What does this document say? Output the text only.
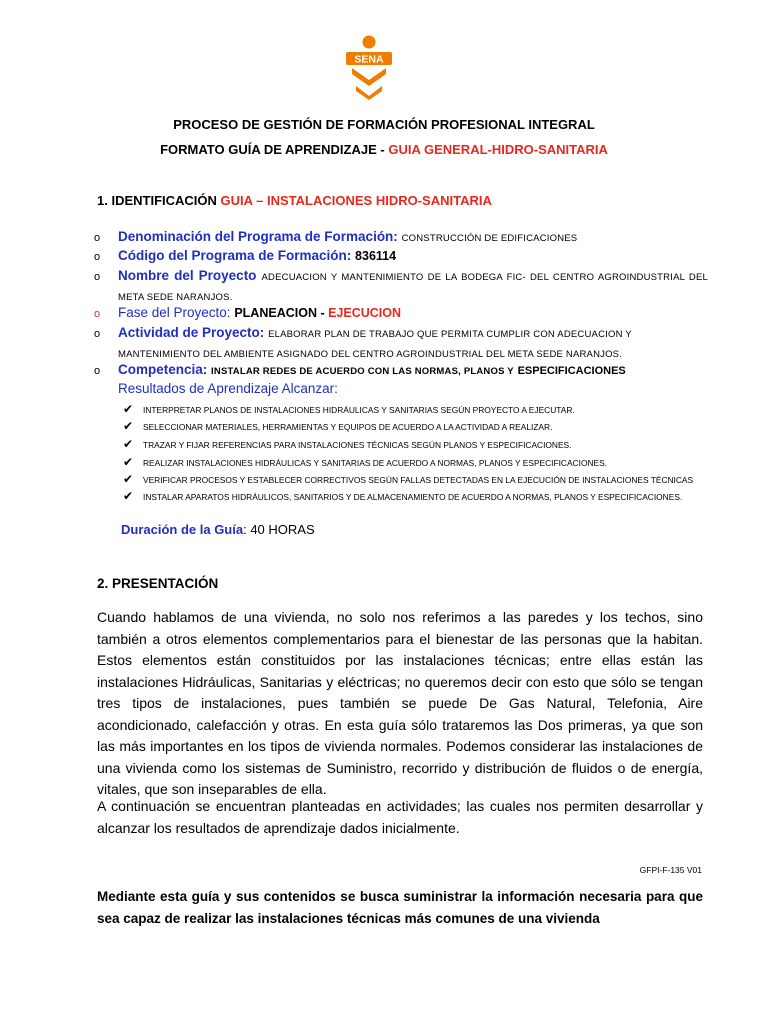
SENA
PROCESO DE GESTIÓN DE FORMACIÓN PROFESIONAL INTEGRAL
FORMATO GUÍA DE APRENDIZAJE - GUIA GENERAL-HIDRO-SANITARIA
1. IDENTIFICACIÓN GUIA – INSTALACIONES HIDRO-SANITARIA
o Denominación del Programa de Formación: CONSTRUCCIÓN DE EDIFICACIONES
o Código del Programa de Formación: 836114
o Nombre del Proyecto ADECUACION Y MANTENIMIENTO DE LA BODEGA FIC- DEL CENTRO AGROINDUSTRIAL DEL META SEDE NARANJOS.
o Fase del Proyecto: PLANEACION - EJECUCION
o Actividad de Proyecto: ELABORAR PLAN DE TRABAJO QUE PERMITA CUMPLIR CON ADECUACION Y MANTENIMIENTO DEL AMBIENTE ASIGNADO DEL CENTRO AGROINDUSTRIAL DEL META SEDE NARANJOS.
o Competencia: INSTALAR REDES DE ACUERDO CON LAS NORMAS, PLANOS Y ESPECIFICACIONES
Resultados de Aprendizaje Alcanzar:
✔ INTERPRETAR PLANOS DE INSTALACIONES HIDRÁULICAS Y SANITARIAS SEGÚN PROYECTO A EJECUTAR.
✔ SELECCIONAR MATERIALES, HERRAMIENTAS Y EQUIPOS DE ACUERDO A LA ACTIVIDAD A REALIZAR.
✔ TRAZAR Y FIJAR REFERENCIAS PARA INSTALACIONES TÉCNICAS SEGÚN PLANOS Y ESPECIFICACIONES.
✔ REALIZAR INSTALACIONES HIDRÁULICAS Y SANITARIAS DE ACUERDO A NORMAS, PLANOS Y ESPECIFICACIONES.
✔ VERIFICAR PROCESOS Y ESTABLECER CORRECTIVOS SEGÚN FALLAS DETECTADAS EN LA EJECUCIÓN DE INSTALACIONES TÉCNICAS
✔ INSTALAR APARATOS HIDRÁULICOS, SANITARIOS Y DE ALMACENAMIENTO DE ACUERDO A NORMAS, PLANOS Y ESPECIFICACIONES.
Duración de la Guía: 40 HORAS
2. PRESENTACIÓN
Cuando hablamos de una vivienda, no solo nos referimos a las paredes y los techos, sino también a otros elementos complementarios para el bienestar de las personas que la habitan. Estos elementos están constituidos por las instalaciones técnicas; entre ellas están las instalaciones Hidráulicas, Sanitarias y eléctricas; no queremos decir con esto que sólo se tengan tres tipos de instalaciones, pues también se puede De Gas Natural, Telefonia, Aire acondicionado, calefacción y otras. En esta guía sólo trataremos las Dos primeras, ya que son las más importantes en los tipos de vivienda normales. Podemos considerar las instalaciones de una vivienda como los sistemas de Suministro, recorrido y distribución de fluidos o de energía, vitales, que son inseparables de ella.
A continuación se encuentran planteadas en actividades; las cuales nos permiten desarrollar y alcanzar los resultados de aprendizaje dados inicialmente.
GFPI-F-135 V01
Mediante esta guía y sus contenidos se busca suministrar la información necesaria para que sea capaz de realizar las instalaciones técnicas más comunes de una vivienda
